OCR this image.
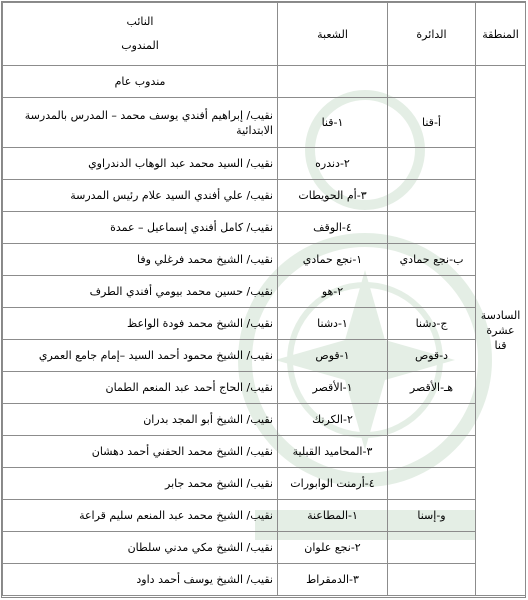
المنطقة	الدائرة	الشعبة	النائب
المندوب

السادسة عشرة قنا			مندوب عام
	أ-قنا	١-قنا	نقيب/ إبراهيم أفندي يوسف محمد – المدرس بالمدرسة الابتدائية
		٢-دندره	نقيب/ السيد محمد عبد الوهاب الدندراوي
		٣-أم الحويطات	نقيب/ علي أفندي السيد علام رئيس المدرسة
		٤-الوقف	نقيب/ كامل أفندي إسماعيل – عمدة
	ب-نجع حمادي	١-نجع حمادي	نقيب/ الشيخ محمد فرغلي وفا
		٢-هو	نقيب/ حسين محمد بيومي أفندي الطرف
	ج-دشنا	١-دشنا	نقيب/ الشيخ محمد فودة الواعظ
	د-قوص	١-قوص	نقيب/ الشيخ محمود أحمد السيد –إمام جامع العمري
	هـ-الأقصر	١-الأقصر	نقيب/ الحاج أحمد عبد المنعم الطمان
		٢-الكرنك	نقيب/ الشيخ أبو المجد بدران
		٣-المحاميد القبلية	نقيب/ الشيخ محمد الحفني أحمد دهشان
		٤-أرمنت الوابورات	نقيب/ الشيخ محمد جابر
	و-إسنا	١-المطاعنة	نقيب/ الشيخ محمد عبد المنعم سليم قراعة
		٢-نجع علوان	نقيب/ الشيخ مكي مدني سلطان
		٣-الدمقراط	نقيب/ الشيخ يوسف أحمد داود
